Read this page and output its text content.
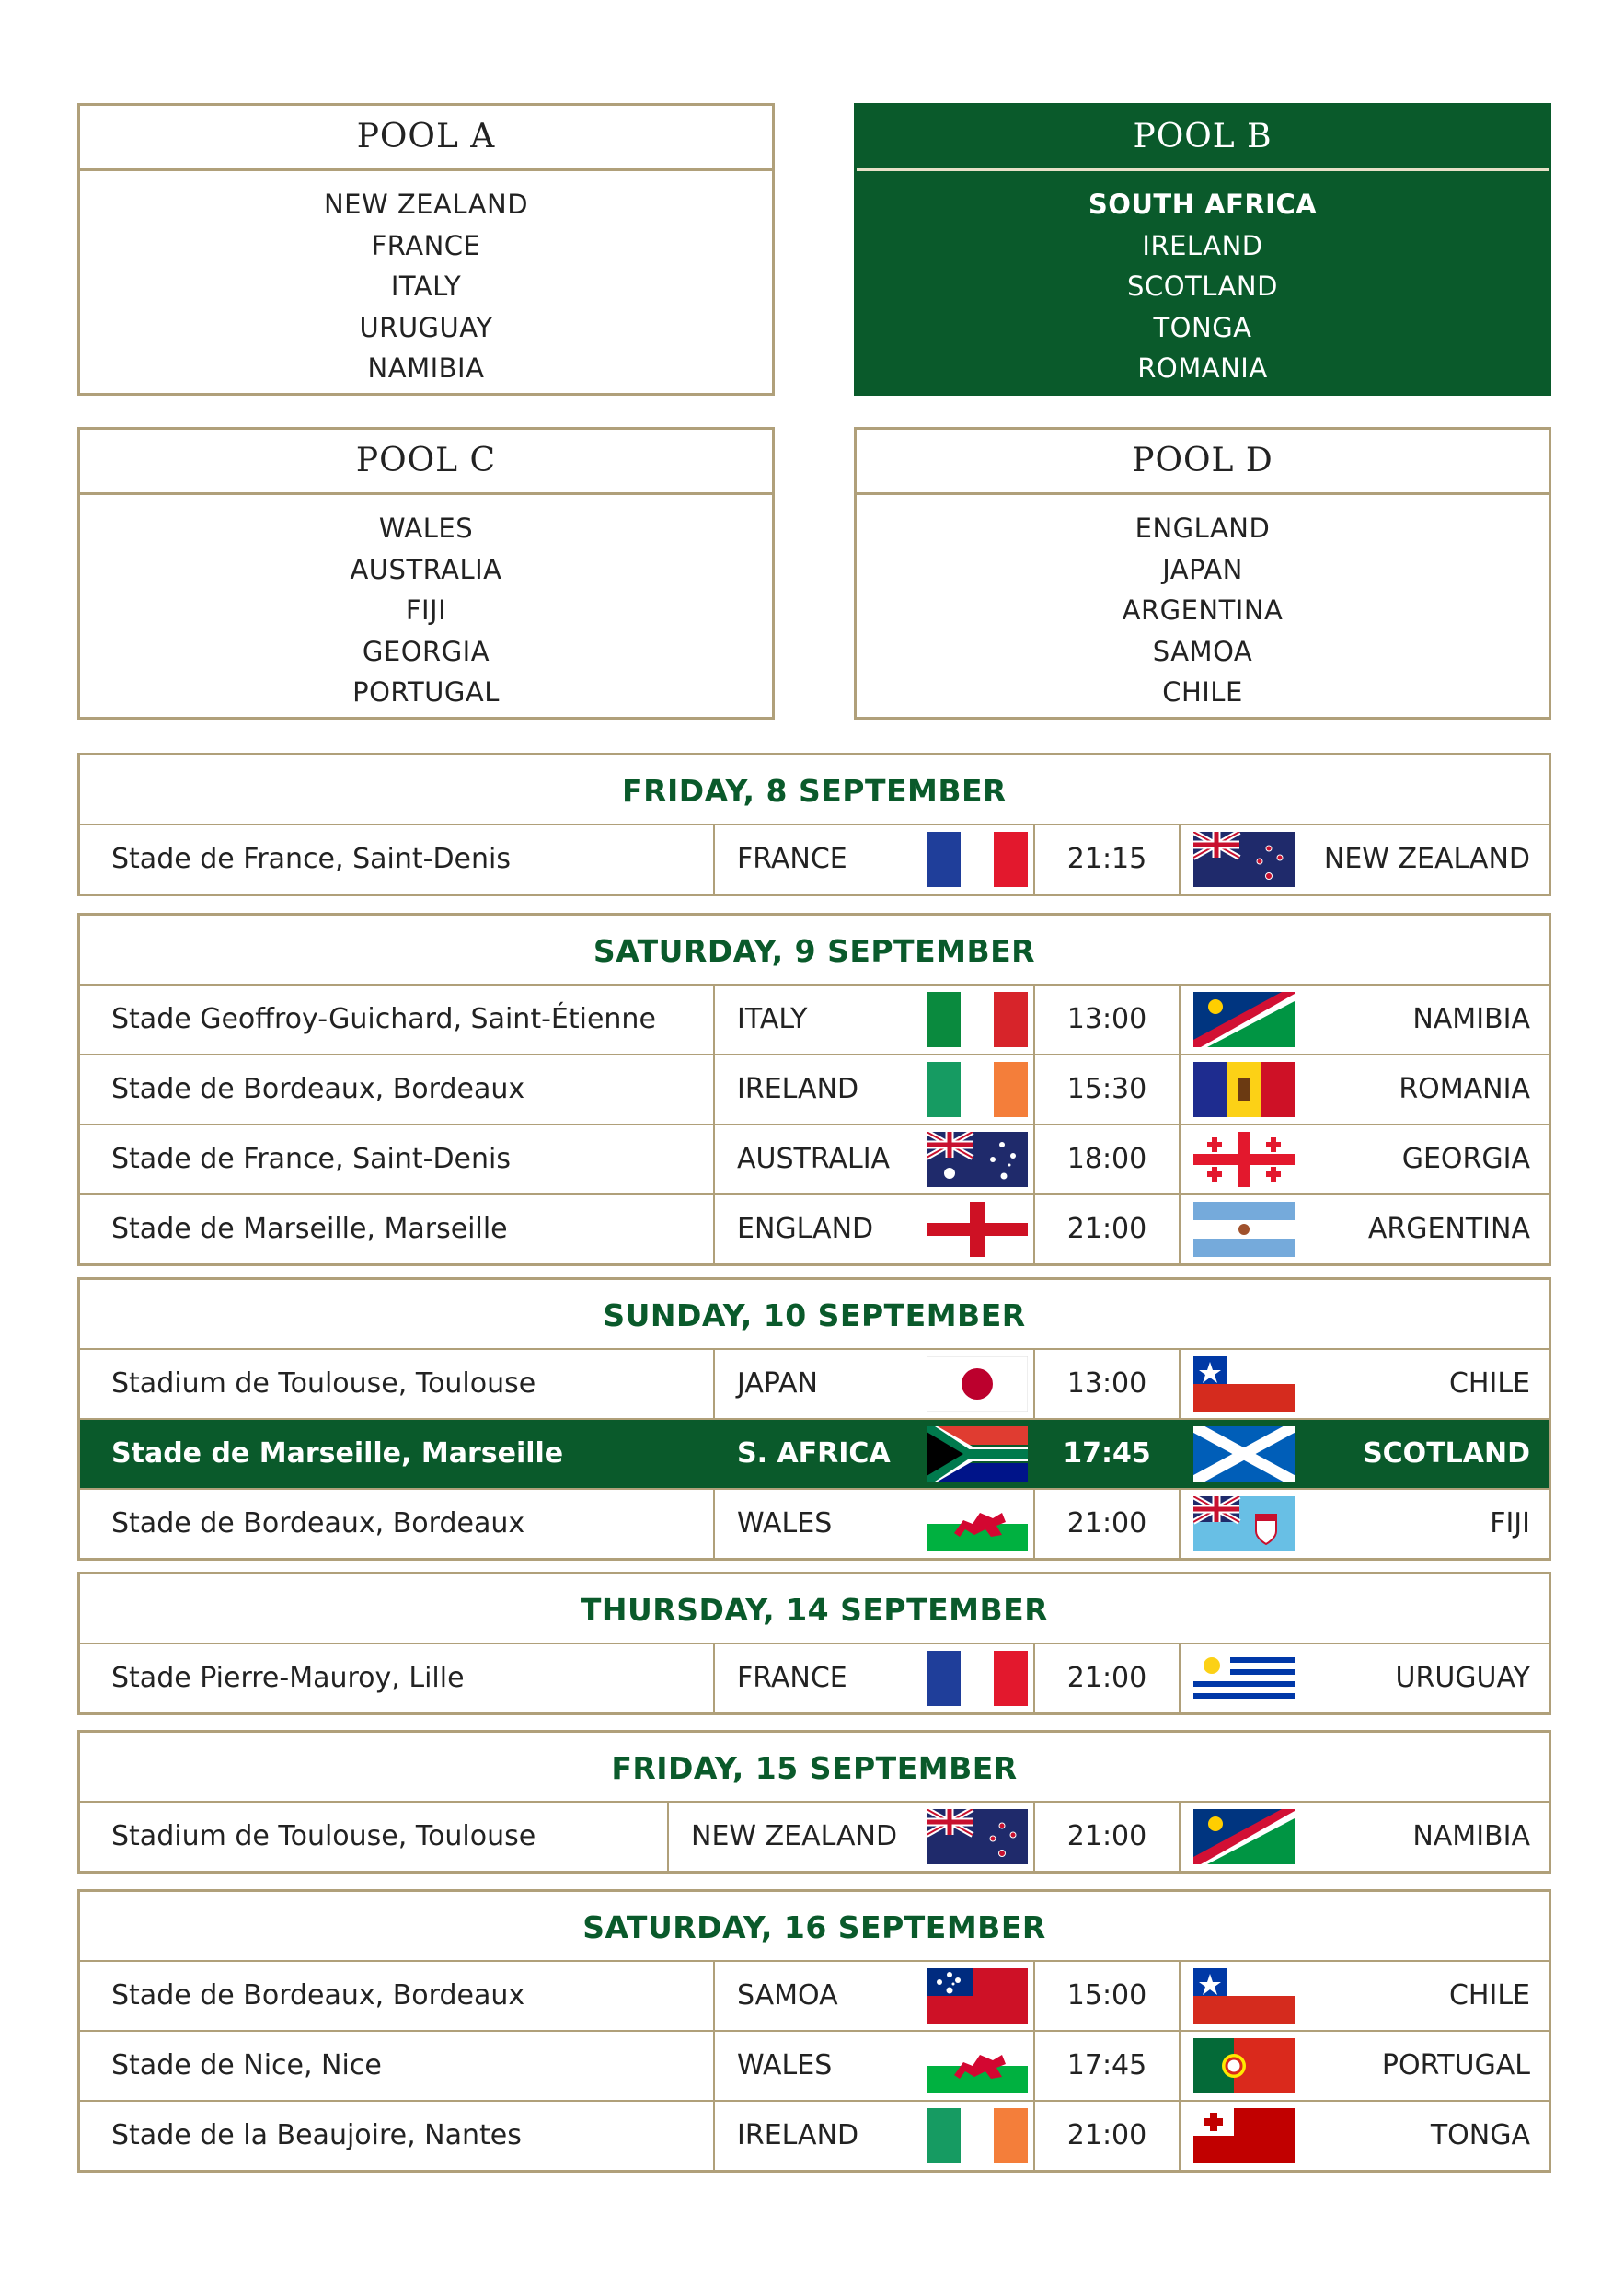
POOL A
NEW ZEALAND
FRANCE
ITALY
URUGUAY
NAMIBIA
POOL B
SOUTH AFRICA
IRELAND
SCOTLAND
TONGA
ROMANIA
POOL C
WALES
AUSTRALIA
FIJI
GEORGIA
PORTUGAL
POOL D
ENGLAND
JAPAN
ARGENTINA
SAMOA
CHILE
FRIDAY, 8 SEPTEMBER
Stade de France, Saint-Denis	FRANCE	21:15	NEW ZEALAND
SATURDAY, 9 SEPTEMBER
Stade Geoffroy-Guichard, Saint-Étienne	ITALY	13:00	NAMIBIA
Stade de Bordeaux, Bordeaux	IRELAND	15:30	ROMANIA
Stade de France, Saint-Denis	AUSTRALIA	18:00	GEORGIA
Stade de Marseille, Marseille	ENGLAND	21:00	ARGENTINA
SUNDAY, 10 SEPTEMBER
Stadium de Toulouse, Toulouse	JAPAN	13:00	CHILE
Stade de Marseille, Marseille	S. AFRICA	17:45	SCOTLAND
Stade de Bordeaux, Bordeaux	WALES	21:00	FIJI
THURSDAY, 14 SEPTEMBER
Stade Pierre-Mauroy, Lille	FRANCE	21:00	URUGUAY
FRIDAY, 15 SEPTEMBER
Stadium de Toulouse, Toulouse	NEW ZEALAND	21:00	NAMIBIA
SATURDAY, 16 SEPTEMBER
Stade de Bordeaux, Bordeaux	SAMOA	15:00	CHILE
Stade de Nice, Nice	WALES	17:45	PORTUGAL
Stade de la Beaujoire, Nantes	IRELAND	21:00	TONGA
